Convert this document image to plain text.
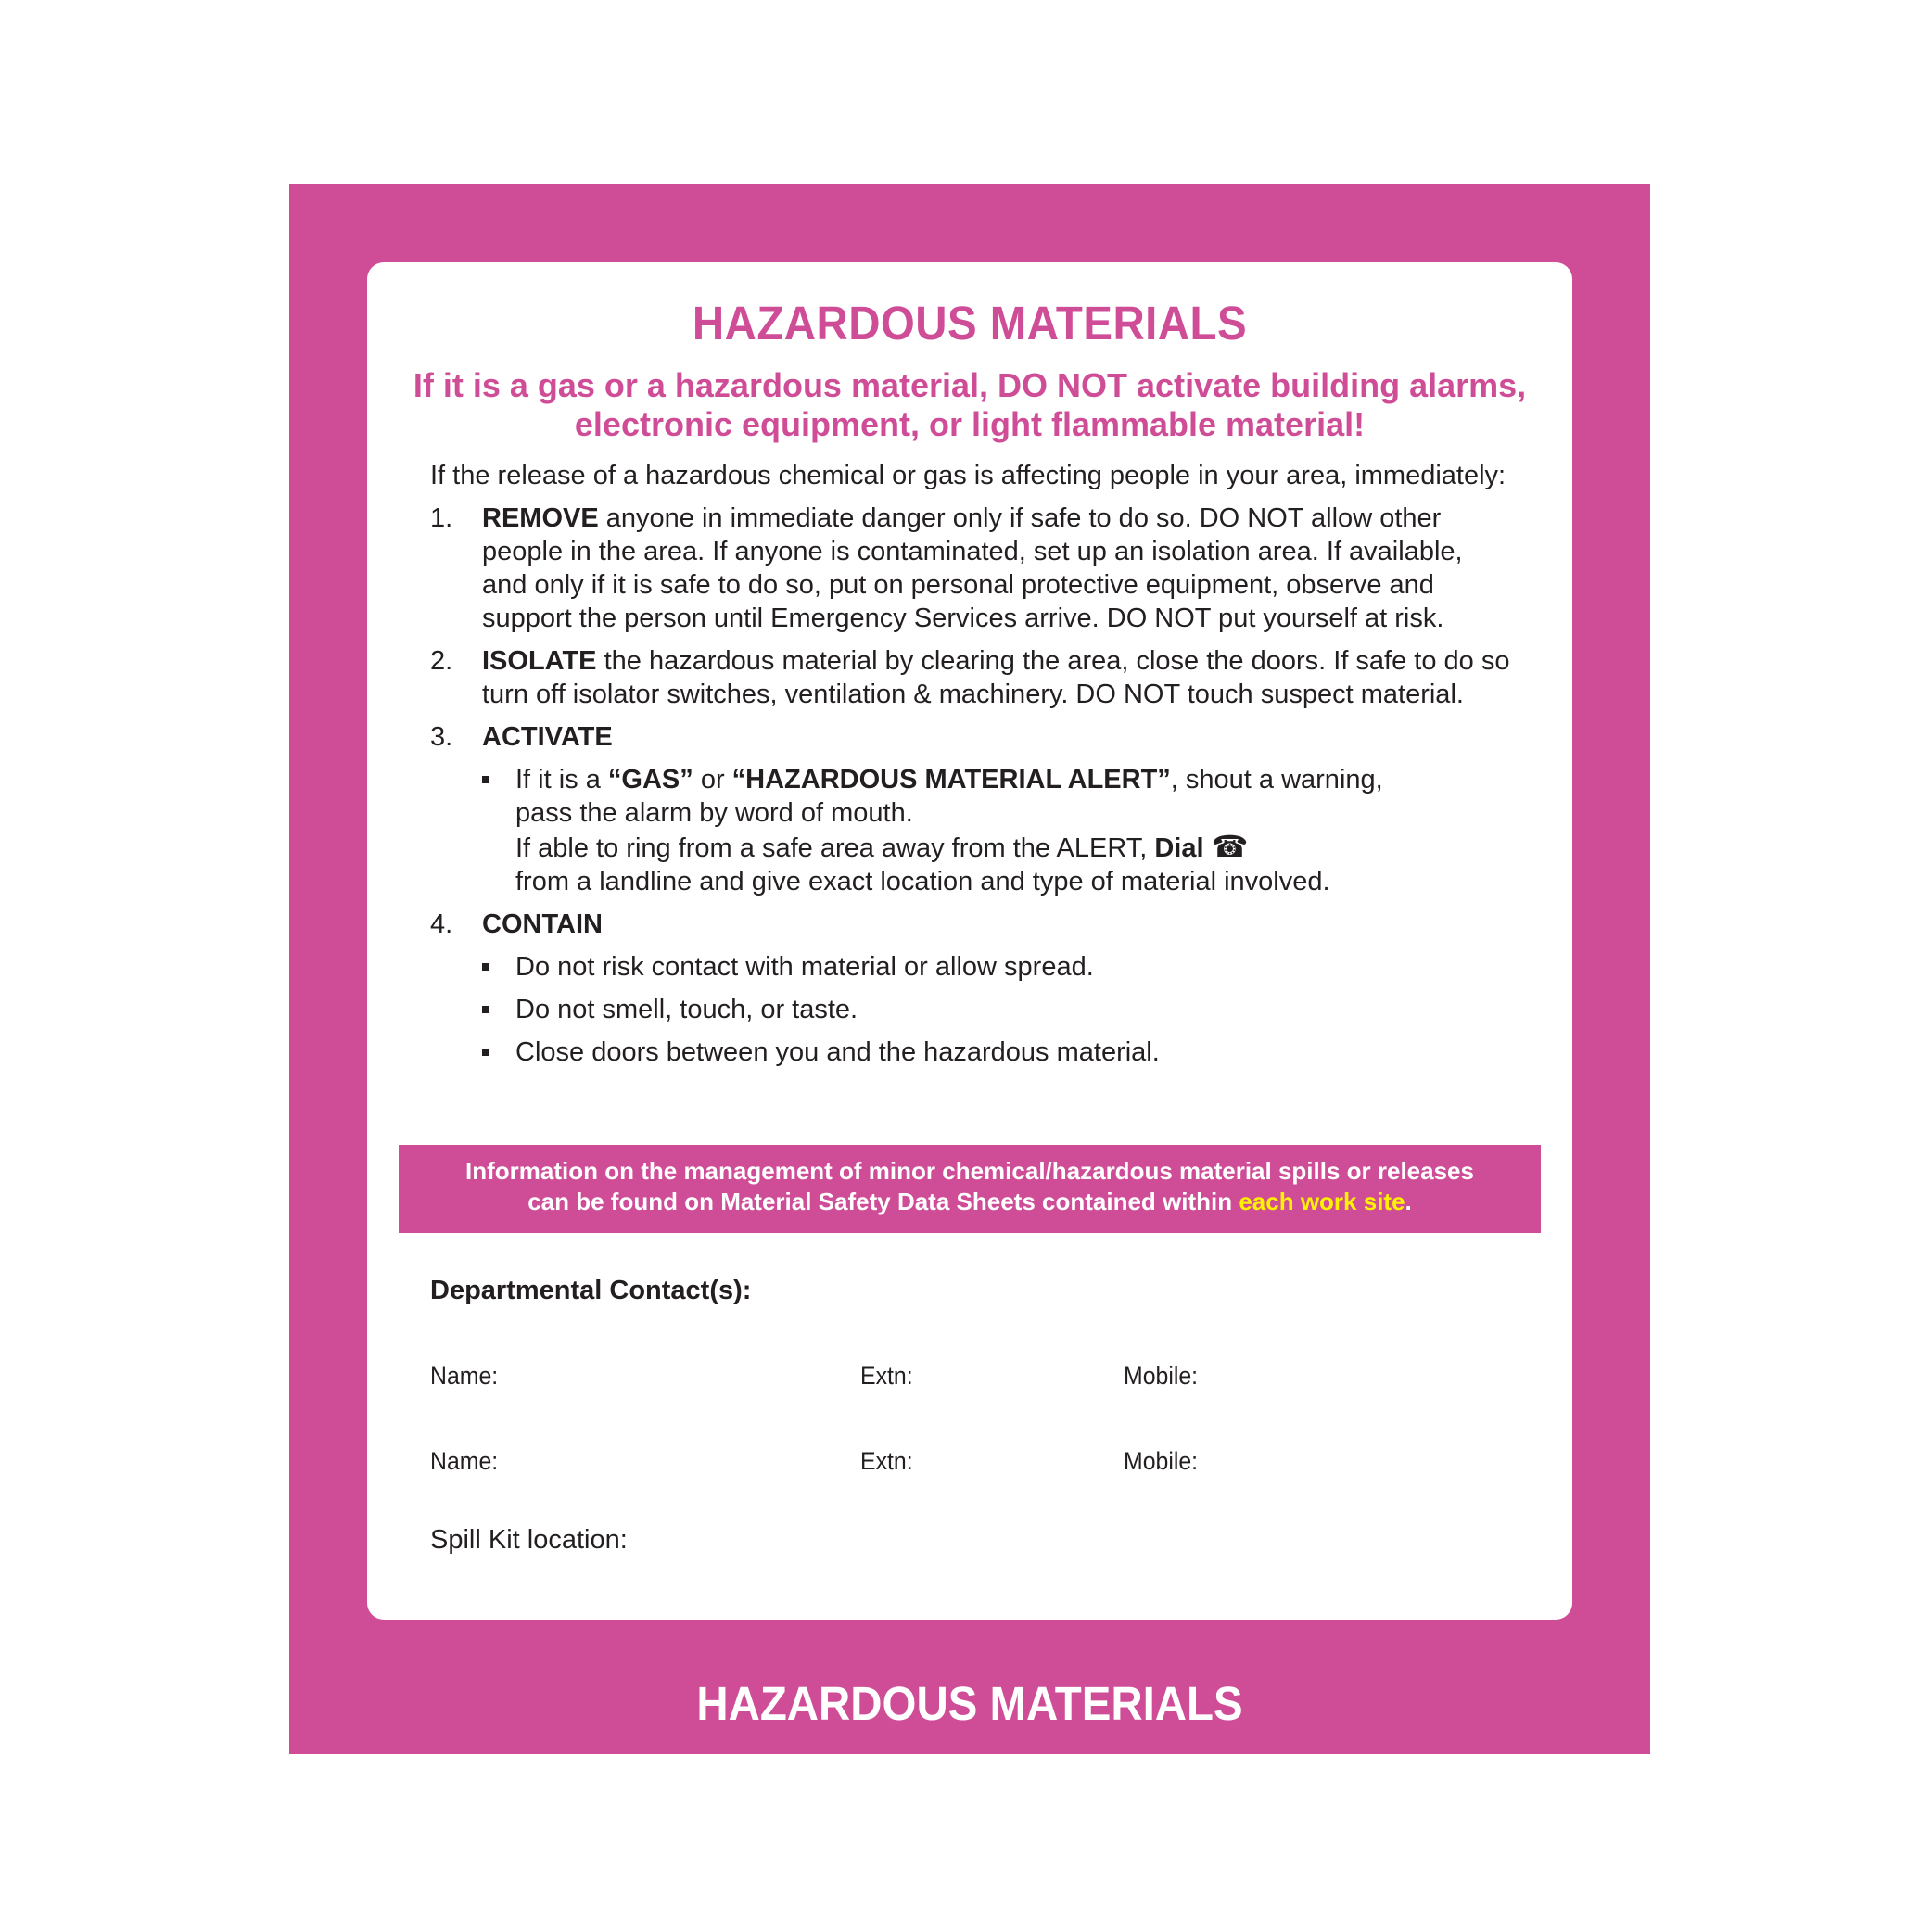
HAZARDOUS MATERIALS
If it is a gas or a hazardous material, DO NOT activate building alarms, electronic equipment, or light flammable material!
If the release of a hazardous chemical or gas is affecting people in your area, immediately:
1. REMOVE anyone in immediate danger only if safe to do so. DO NOT allow other people in the area. If anyone is contaminated, set up an isolation area. If available, and only if it is safe to do so, put on personal protective equipment, observe and support the person until Emergency Services arrive. DO NOT put yourself at risk.
2. ISOLATE the hazardous material by clearing the area, close the doors. If safe to do so turn off isolator switches, ventilation & machinery. DO NOT touch suspect material.
3. ACTIVATE
If it is a “GAS” or “HAZARDOUS MATERIAL ALERT”, shout a warning,
pass the alarm by word of mouth.
If able to ring from a safe area away from the ALERT, Dial ☎
from a landline and give exact location and type of material involved.
4. CONTAIN
Do not risk contact with material or allow spread.
Do not smell, touch, or taste.
Close doors between you and the hazardous material.
Information on the management of minor chemical/hazardous material spills or releases
can be found on Material Safety Data Sheets contained within each work site.
Departmental Contact(s):
Name:	Extn:	Mobile:
Name:	Extn:	Mobile:
Spill Kit location:
HAZARDOUS MATERIALS
